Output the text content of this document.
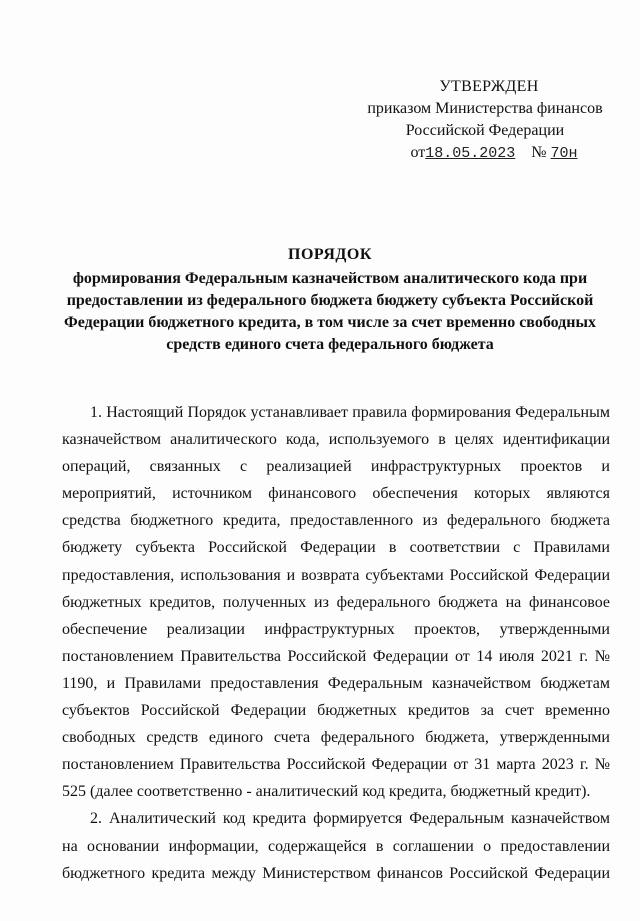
УТВЕРЖДЕН
приказом Министерства финансов
Российской Федерации
от18.05.2023 № 70н
ПОРЯДОК
формирования Федеральным казначейством аналитического кода при
предоставлении из федерального бюджета бюджету субъекта Российской
Федерации бюджетного кредита, в том числе за счет временно свободных
средств единого счета федерального бюджета

1. Настоящий Порядок устанавливает правила формирования Федеральным казначейством аналитического кода, используемого в целях идентификации операций, связанных с реализацией инфраструктурных проектов и мероприятий, источником финансового обеспечения которых являются средства бюджетного кредита, предоставленного из федерального бюджета бюджету субъекта Российской Федерации в соответствии с Правилами предоставления, использования и возврата субъектами Российской Федерации бюджетных кредитов, полученных из федерального бюджета на финансовое обеспечение реализации инфраструктурных проектов, утвержденными постановлением Правительства Российской Федерации от 14 июля 2021 г. № 1190, и Правилами предоставления Федеральным казначейством бюджетам субъектов Российской Федерации бюджетных кредитов за счет временно свободных средств единого счета федерального бюджета, утвержденными постановлением Правительства Российской Федерации от 31 марта 2023 г. № 525 (далее соответственно - аналитический код кредита, бюджетный кредит).

2. Аналитический код кредита формируется Федеральным казначейством на основании информации, содержащейся в соглашении о предоставлении бюджетного кредита между Министерством финансов Российской Федерации
